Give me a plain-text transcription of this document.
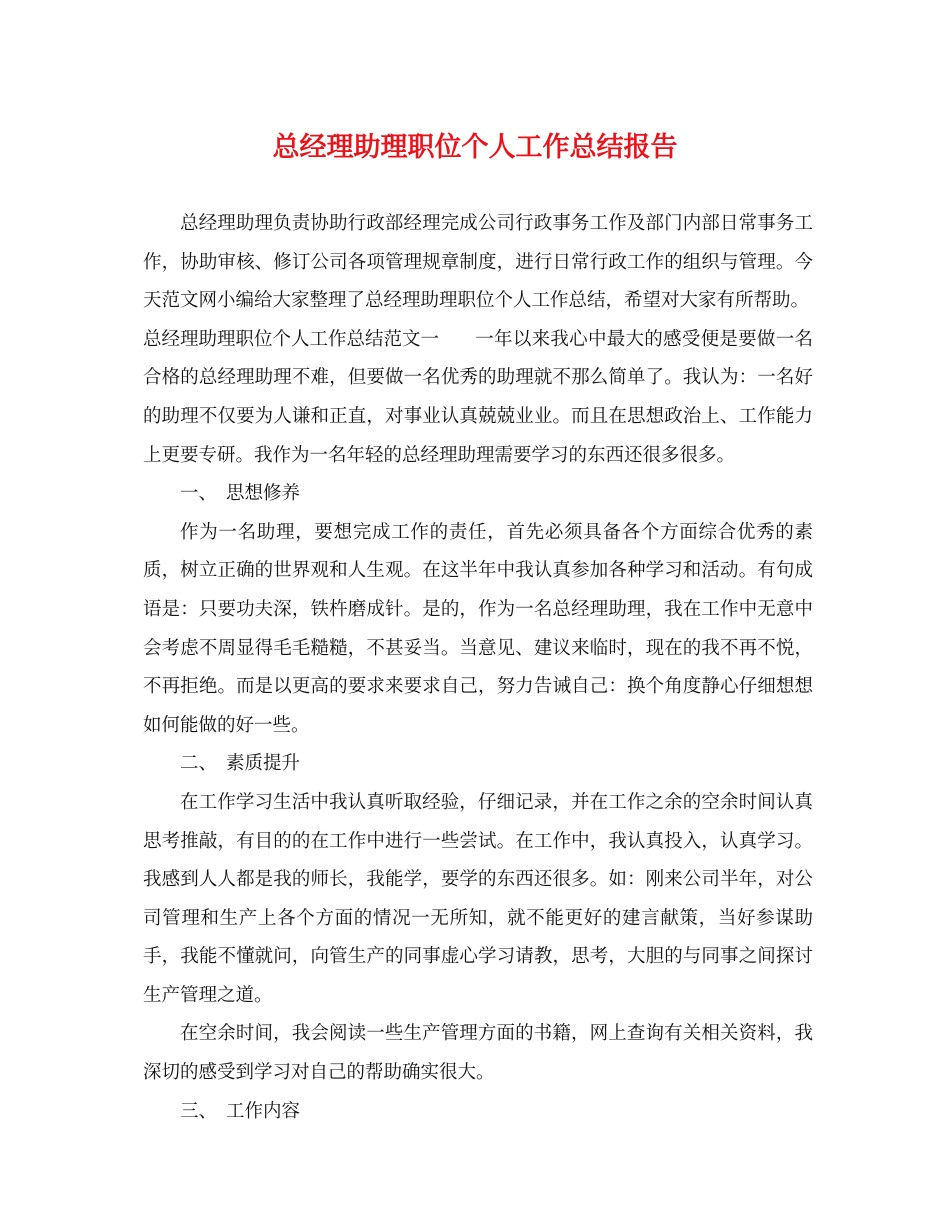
总经理助理职位个人工作总结报告

总经理助理负责协助行政部经理完成公司行政事务工作及部门内部日常事务工作，协助审核、修订公司各项管理规章制度，进行日常行政工作的组织与管理。今天范文网小编给大家整理了总经理助理职位个人工作总结，希望对大家有所帮助。

总经理助理职位个人工作总结范文一 一年以来我心中最大的感受便是要做一名合格的总经理助理不难，但要做一名优秀的助理就不那么简单了。我认为：一名好的助理不仅要为人谦和正直，对事业认真兢兢业业。而且在思想政治上、工作能力上更要专研。我作为一名年轻的总经理助理需要学习的东西还很多很多。

一、 思想修养

作为一名助理，要想完成工作的责任，首先必须具备各个方面综合优秀的素质，树立正确的世界观和人生观。在这半年中我认真参加各种学习和活动。有句成语是：只要功夫深，铁杵磨成针。是的，作为一名总经理助理，我在工作中无意中会考虑不周显得毛毛糙糙，不甚妥当。当意见、建议来临时，现在的我不再不悦，不再拒绝。而是以更高的要求来要求自己，努力告诫自己：换个角度静心仔细想想如何能做的好一些。

二、 素质提升

在工作学习生活中我认真听取经验，仔细记录，并在工作之余的空余时间认真思考推敲，有目的的在工作中进行一些尝试。在工作中，我认真投入，认真学习。我感到人人都是我的师长，我能学，要学的东西还很多。如：刚来公司半年，对公司管理和生产上各个方面的情况一无所知，就不能更好的建言献策，当好参谋助手，我能不懂就问，向管生产的同事虚心学习请教，思考，大胆的与同事之间探讨生产管理之道。

在空余时间，我会阅读一些生产管理方面的书籍，网上查询有关相关资料，我深切的感受到学习对自己的帮助确实很大。

三、 工作内容
